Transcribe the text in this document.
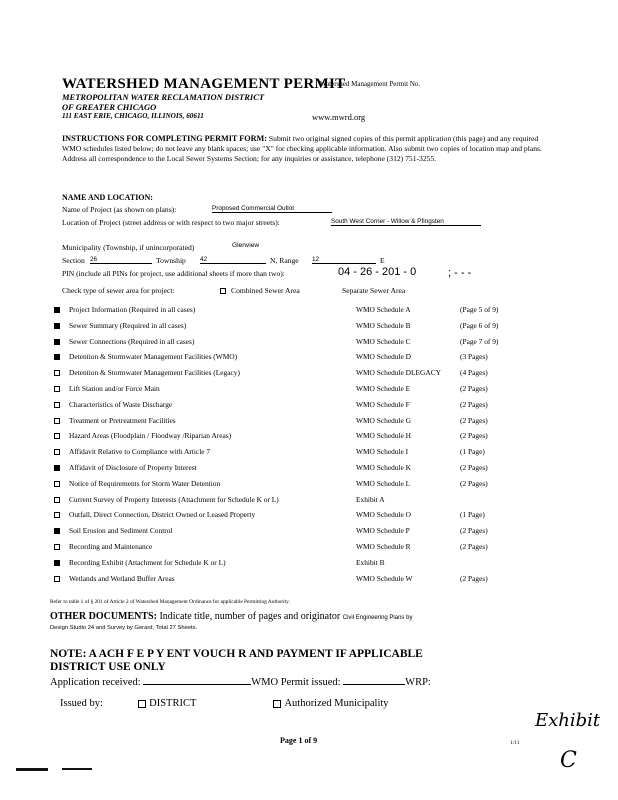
WATERSHED MANAGEMENT PERMIT
Watershed Management Permit No.
METROPOLITAN WATER RECLAMATION DISTRICT
OF GREATER CHICAGO
111 EAST ERIE, CHICAGO, ILLINOIS, 60611	www.mwrd.org
INSTRUCTIONS FOR COMPLETING PERMIT FORM: Submit two original signed copies of this permit application (this page) and any required WMO schedules listed below; do not leave any blank spaces; use "X" for checking applicable information. Also submit two copies of location map and plans. Address all correspondence to the Local Sewer Systems Section; for any inquiries or assistance, telephone (312) 751-3255.
NAME AND LOCATION:
Name of Project (as shown on plans):	Proposed Commercial Outlot
Location of Project (street address or with respect to two major streets):	South West Corner - Willow & Pfingsten
Municipality (Township, if unincorporated)	Glenview
Section 26	Township 42	N, Range 12	E
PIN (include all PINs for project, use additional sheets if more than two):	04 - 26 - 201 - 0	; - - -
Check type of sewer area for project:	Combined Sewer Area	Separate Sewer Area
Project Information (Required in all cases)	WMO Schedule A	(Page 5 of 9)
Sewer Summary (Required in all cases)	WMO Schedule B	(Page 6 of 9)
Sewer Connections (Required in all cases)	WMO Schedule C	(Page 7 of 9)
Detention & Stormwater Management Facilities (WMO)	WMO Schedule D	(3 Pages)
Detention & Stormwater Management Facilities (Legacy)	WMO Schedule DLEGACY	(4 Pages)
Lift Station and/or Force Main	WMO Schedule E	(2 Pages)
Characteristics of Waste Discharge	WMO Schedule F	(2 Pages)
Treatment or Pretreatment Facilities	WMO Schedule G	(2 Pages)
Hazard Areas (Floodplain / Floodway /Riparian Areas)	WMO Schedule H	(2 Pages)
Affidavit Relative to Compliance with Article 7	WMO Schedule I	(1 Page)
Affidavit of Disclosure of Property Interest	WMO Schedule K	(2 Pages)
Notice of Requirements for Storm Water Detention	WMO Schedule L	(2 Pages)
Current Survey of Property Interests (Attachment for Schedule K or L)	Exhibit A
Outfall, Direct Connection, District Owned or Leased Property	WMO Schedule O	(1 Page)
Soil Erosion and Sediment Control	WMO Schedule P	(2 Pages)
Recording and Maintenance	WMO Schedule R	(2 Pages)
Recording Exhibit (Attachment for Schedule K or L)	Exhibit B
Wetlands and Wetland Buffer Areas	WMO Schedule W	(2 Pages)
Refer to table 1 of § 201 of Article 2 of Watershed Management Ordinance for applicable Permitting Authority.
OTHER DOCUMENTS: Indicate title, number of pages and originator Civil Engineering Plans by
Design Studio 24 and Survey by Gerard, Total 27 Sheets.
NOTE: A ACH F E P Y ENT VOUCH R AND PAYMENT IF APPLICABLE
DISTRICT USE ONLY
Application received:	WMO Permit issued:	WRP:
Issued by:	DISTRICT	Authorized Municipality
Exhibit
Page 1 of 9	1/11
C
